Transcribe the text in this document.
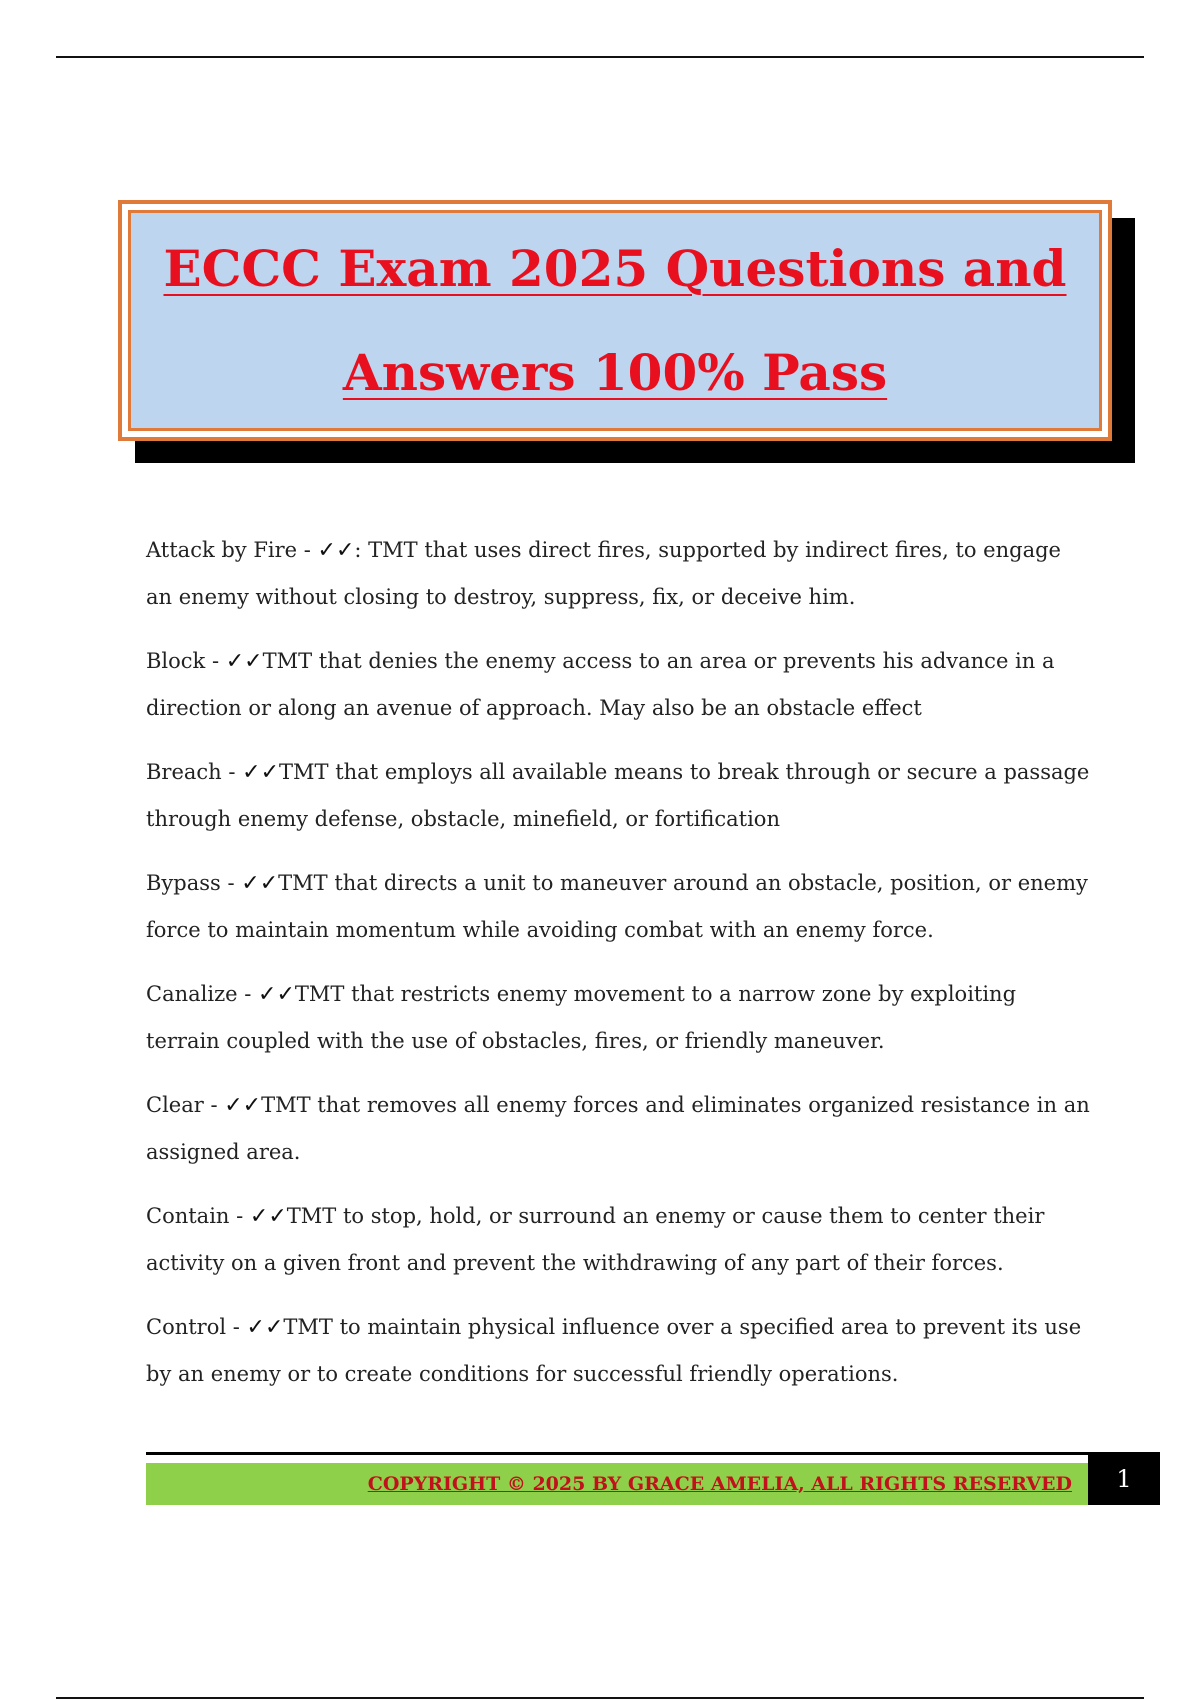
ECCC Exam 2025 Questions and

Answers 100% Pass

Attack by Fire - ✓✓: TMT that uses direct fires, supported by indirect fires, to engage an enemy without closing to destroy, suppress, fix, or deceive him.

Block - ✓✓TMT that denies the enemy access to an area or prevents his advance in a direction or along an avenue of approach. May also be an obstacle effect

Breach - ✓✓TMT that employs all available means to break through or secure a passage through enemy defense, obstacle, minefield, or fortification

Bypass - ✓✓TMT that directs a unit to maneuver around an obstacle, position, or enemy force to maintain momentum while avoiding combat with an enemy force.

Canalize - ✓✓TMT that restricts enemy movement to a narrow zone by exploiting terrain coupled with the use of obstacles, fires, or friendly maneuver.

Clear - ✓✓TMT that removes all enemy forces and eliminates organized resistance in an assigned area.

Contain - ✓✓TMT to stop, hold, or surround an enemy or cause them to center their activity on a given front and prevent the withdrawing of any part of their forces.

Control - ✓✓TMT to maintain physical influence over a specified area to prevent its use by an enemy or to create conditions for successful friendly operations.

COPYRIGHT © 2025 BY GRACE AMELIA, ALL RIGHTS RESERVED	1
